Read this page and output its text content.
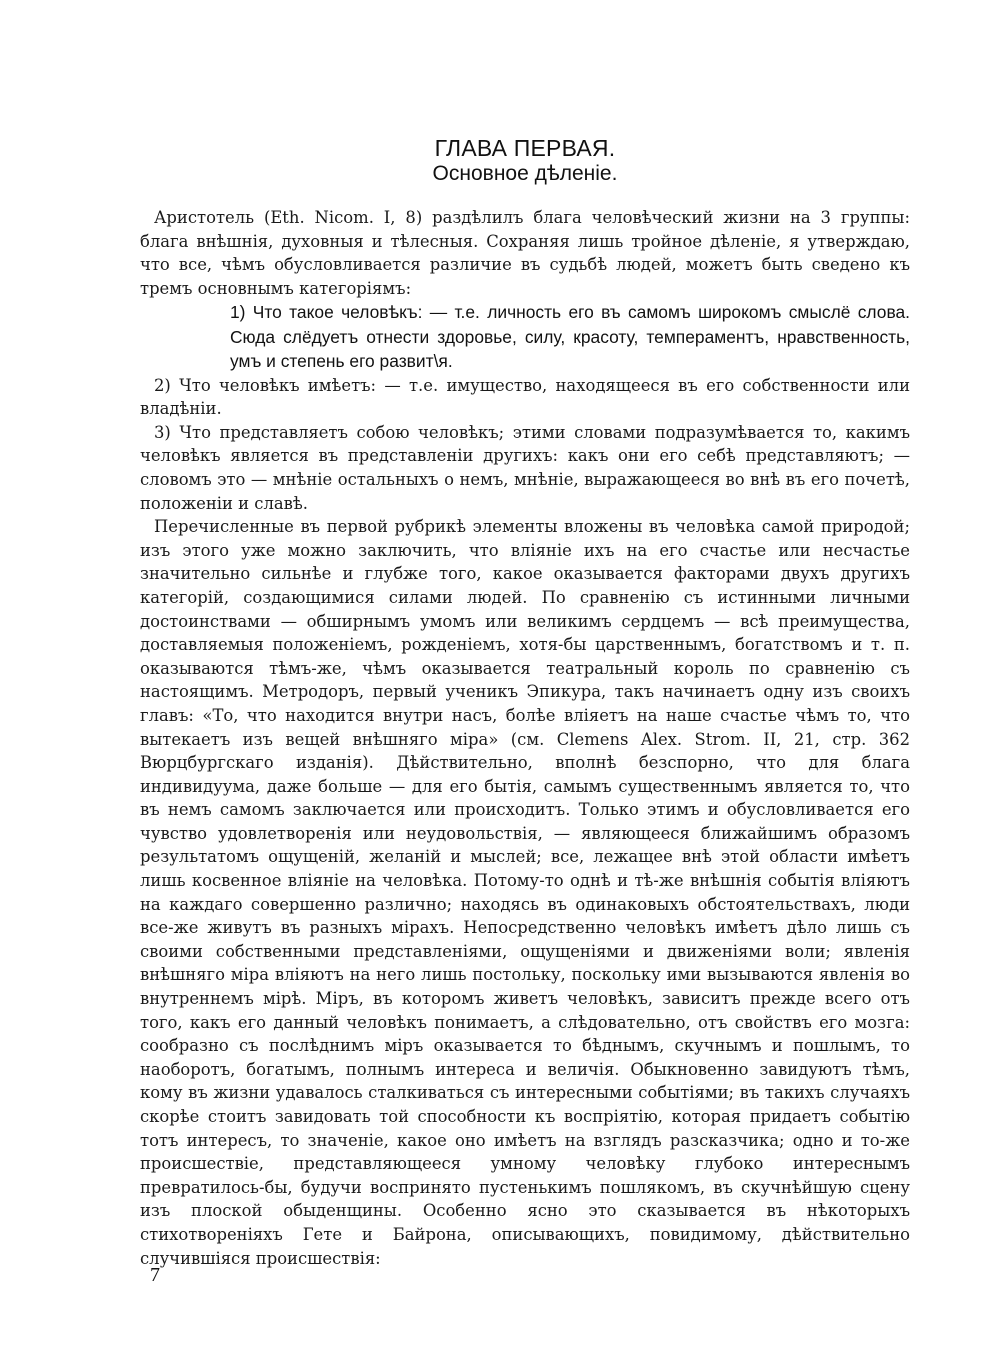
ГЛАВА ПЕРВАЯ.
Основное дѣленіе.

Аристотель (Eth. Nicom. I, 8) раздѣлилъ блага человѣческий жизни на 3 группы: блага внѣшнія, духовныя и тѣлесныя. Сохраняя лишь тройное дѣленіе, я утверждаю, что все, чѣмъ обусловливается различие въ судьбѣ людей, можетъ быть сведено къ тремъ основнымъ категоріямъ:

1) Что такое человѣкъ: — т.е. личность его въ самомъ широкомъ смыслё слова. Сюда слёдуетъ отнести здоровье, силу, красоту, темпераментъ, нравственность, умъ и степень его развит\я.

2) Что человѣкъ имѣетъ: — т.е. имущество, находящееся въ его собственности или владѣніи.

3) Что представляетъ собою человѣкъ; этими словами подразумѣвается то, какимъ человѣкъ является въ представленіи другихъ: какъ они его себѣ представляютъ; — словомъ это — мнѣніе остальныхъ о немъ, мнѣніе, выражающееся во внѣ въ его почетѣ, положеніи и славѣ.

Перечисленные въ первой рубрикѣ элементы вложены въ человѣка самой природой; изъ этого уже можно заключить, что вліяніе ихъ на его счастье или несчастье значительно сильнѣе и глубже того, какое оказывается факторами двухъ другихъ категорій, создающимися силами людей. По сравненію съ истинными личными достоинствами — обширнымъ умомъ или великимъ сердцемъ — всѣ преимущества, доставляемыя положеніемъ, рожденіемъ, хотя-бы царственнымъ, богатствомъ и т. п. оказываются тѣмъ-же, чѣмъ оказывается театральный король по сравненію съ настоящимъ. Метродоръ, первый ученикъ Эпикура, такъ начинаетъ одну изъ своихъ главъ: «То, что находится внутри насъ, болѣе вліяетъ на наше счастье чѣмъ то, что вытекаетъ изъ вещей внѣшняго міра» (см. Clemens Alex. Strom. II, 21, стр. 362 Вюрцбургскаго изданія). Дѣйствительно, вполнѣ безспорно, что для блага индивидуума, даже больше — для его бытія, самымъ существеннымъ является то, что въ немъ самомъ заключается или происходитъ. Только этимъ и обусловливается его чувство удовлетворенія или неудовольствія, — являющееся ближайшимъ образомъ результатомъ ощущеній, желаній и мыслей; все, лежащее внѣ этой области имѣетъ лишь косвенное вліяніе на человѣка. Потому-то однѣ и тѣ-же внѣшнія событія вліяютъ на каждаго совершенно различно; находясь въ одинаковыхъ обстоятельствахъ, люди все-же живутъ въ разныхъ мірахъ. Непосредственно человѣкъ имѣетъ дѣло лишь съ своими собственными представленіями, ощущеніями и движеніями воли; явленія внѣшняго міра вліяютъ на него лишь постольку, поскольку ими вызываются явленія во внутреннемъ мірѣ. Міръ, въ которомъ живетъ человѣкъ, зависитъ прежде всего отъ того, какъ его данный человѣкъ понимаетъ, а слѣдовательно, отъ свойствъ его мозга: сообразно съ послѣднимъ міръ оказывается то бѣднымъ, скучнымъ и пошлымъ, то наоборотъ, богатымъ, полнымъ интереса и величія. Обыкновенно завидуютъ тѣмъ, кому въ жизни удавалось сталкиваться съ интересными событіями; въ такихъ случаяхъ скорѣе стоитъ завидовать той способности къ воспріятію, которая придаетъ событію тотъ интересъ, то значеніе, какое оно имѣетъ на взглядъ разсказчика; одно и то-же происшествіе, представляющееся умному человѣку глубоко интереснымъ превратилось-бы, будучи воспринято пустенькимъ пошлякомъ, въ скучнѣйшую сцену изъ плоской обыденщины. Особенно ясно это сказывается въ нѣкоторыхъ стихотвореніяхъ Гете и Байрона, описывающихъ, повидимому, дѣйствительно случившіяся происшествія:

7
